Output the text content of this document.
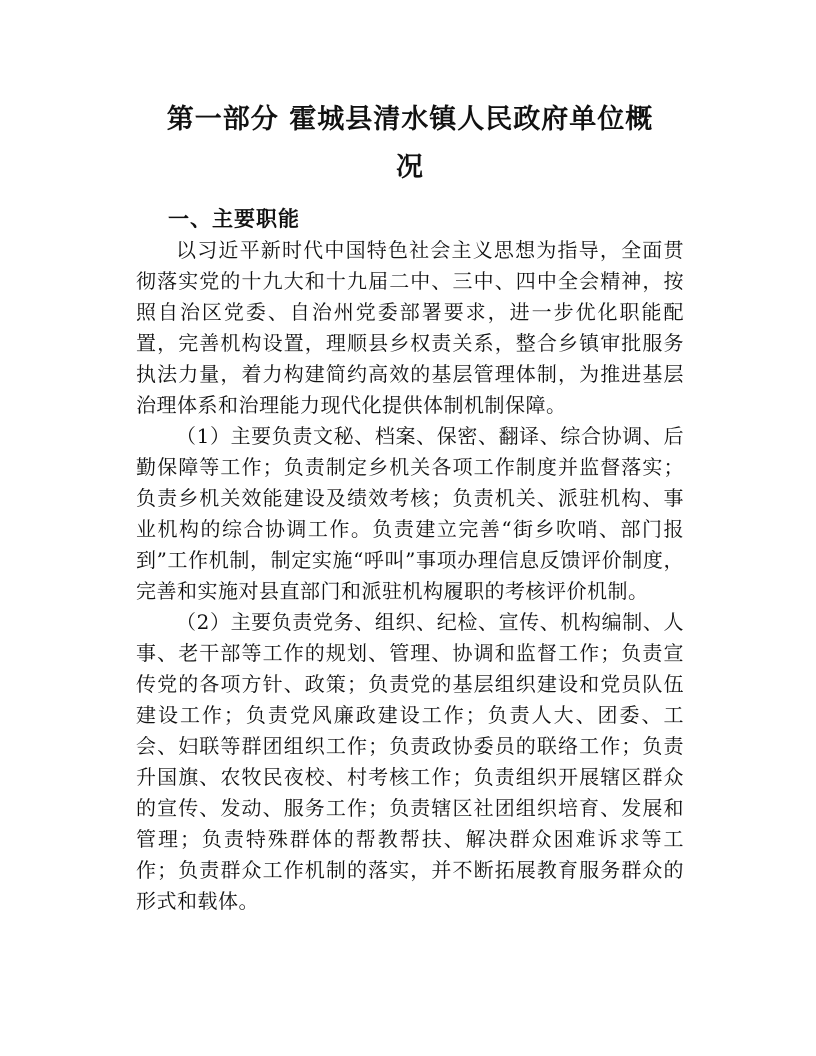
第一部分 霍城县清水镇人民政府单位概
况
一、主要职能

以习近平新时代中国特色社会主义思想为指导，全面贯彻落实党的十九大和十九届二中、三中、四中全会精神，按照自治区党委、自治州党委部署要求，进一步优化职能配置，完善机构设置，理顺县乡权责关系，整合乡镇审批服务执法力量，着力构建简约高效的基层管理体制，为推进基层治理体系和治理能力现代化提供体制机制保障。

（1）主要负责文秘、档案、保密、翻译、综合协调、后勤保障等工作；负责制定乡机关各项工作制度并监督落实；负责乡机关效能建设及绩效考核；负责机关、派驻机构、事业机构的综合协调工作。负责建立完善“街乡吹哨、部门报到”工作机制，制定实施“呼叫”事项办理信息反馈评价制度，完善和实施对县直部门和派驻机构履职的考核评价机制。

（2）主要负责党务、组织、纪检、宣传、机构编制、人事、老干部等工作的规划、管理、协调和监督工作；负责宣传党的各项方针、政策；负责党的基层组织建设和党员队伍建设工作；负责党风廉政建设工作；负责人大、团委、工会、妇联等群团组织工作；负责政协委员的联络工作；负责升国旗、农牧民夜校、村考核工作；负责组织开展辖区群众的宣传、发动、服务工作；负责辖区社团组织培育、发展和管理；负责特殊群体的帮教帮扶、解决群众困难诉求等工作；负责群众工作机制的落实，并不断拓展教育服务群众的形式和载体。
